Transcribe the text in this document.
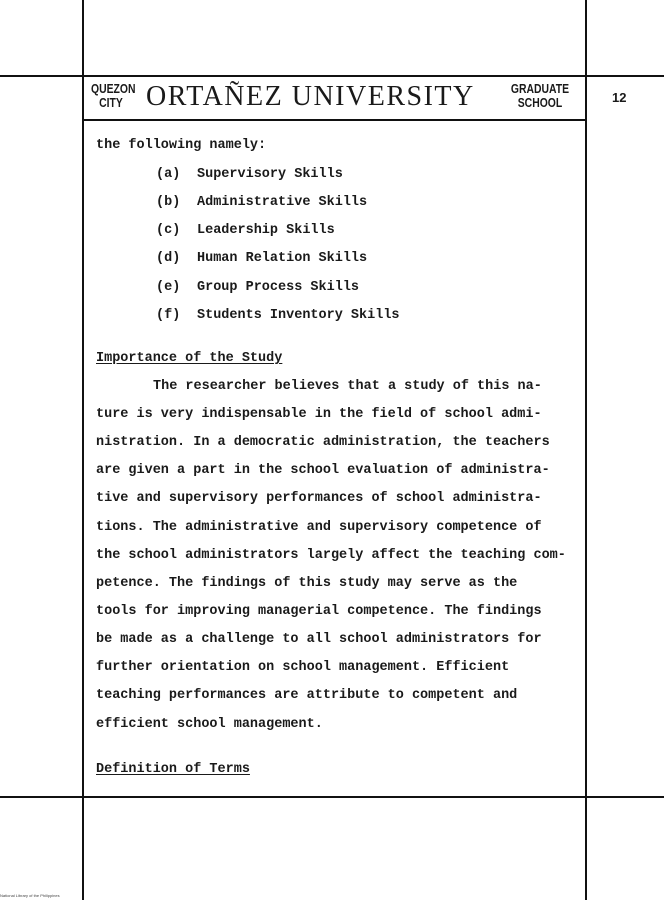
QUEZON CITY ORTAÑEZ UNIVERSITY	GRADUATE SCHOOL	12
the following namely:
(a) Supervisory Skills
(b) Administrative Skills
(c) Leadership Skills
(d) Human Relation Skills
(e) Group Process Skills
(f) Students Inventory Skills
Importance of the Study
The researcher believes that a study of this na-
ture is very indispensable in the field of school admi-
nistration. In a democratic administration, the teachers
are given a part in the school evaluation of administra-
tive and supervisory performances of school administra-
tions. The administrative and supervisory competence of
the school administrators largely affect the teaching com-
petence. The findings of this study may serve as the
tools for improving managerial competence. The findings
be made as a challenge to all school administrators for
further orientation on school management. Efficient
teaching performances are attribute to competent and
efficient school management.
Definition of Terms
National Library of the Philippines
